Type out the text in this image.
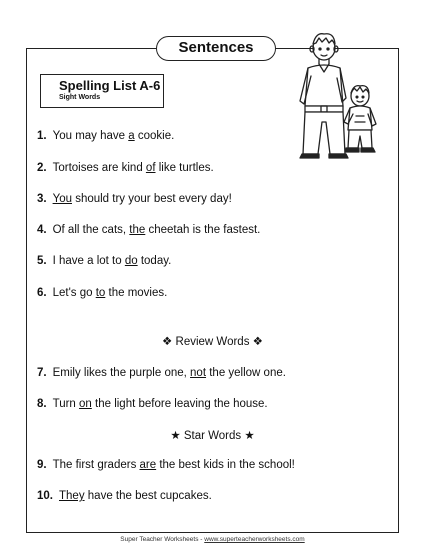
Sentences
Spelling List A-6
Sight Words
1. You may have a cookie.
2. Tortoises are kind of like turtles.
3. You should try your best every day!
4. Of all the cats, the cheetah is the fastest.
5. I have a lot to do today.
6. Let's go to the movies.
❖ Review Words ❖
7. Emily likes the purple one, not the yellow one.
8. Turn on the light before leaving the house.
★ Star Words ★
9. The first graders are the best kids in the school!
10. They have the best cupcakes.
Super Teacher Worksheets - www.superteacherworksheets.com
